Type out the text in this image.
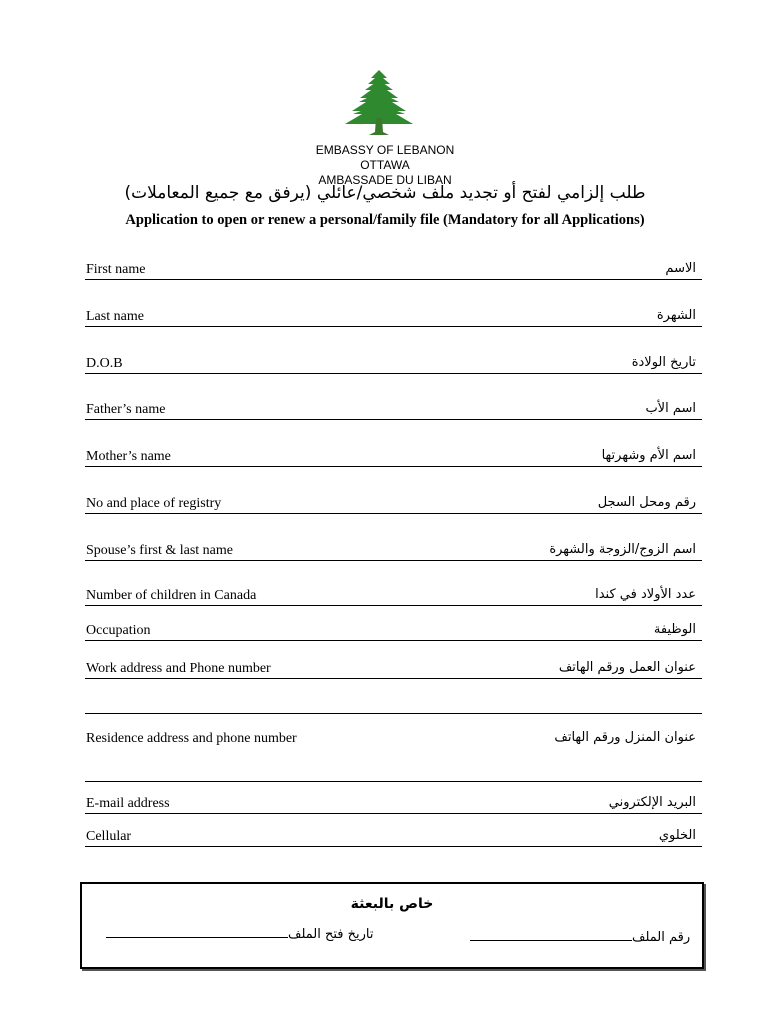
EMBASSY OF LEBANON
OTTAWA
AMBASSADE DU LIBAN
طلب إلزامي لفتح أو تجديد ملف شخصي/عائلي (يرفق مع جميع المعاملات)
Application to open or renew a personal/family file (Mandatory for all Applications)
First name	الاسم
Last name	الشهرة
D.O.B	تاريخ الولادة
Father’s name	اسم الأب
Mother’s name	اسم الأم وشهرتها
No and place of registry	رقم ومحل السجل
Spouse’s first & last name	اسم الزوج/الزوجة والشهرة
Number of children in Canada	عدد الأولاد في كندا
Occupation	الوظيفة
Work address and Phone number	عنوان العمل ورقم الهاتف
Residence address and phone number	عنوان المنزل ورقم الهاتف
E-mail address	البريد الإلكتروني
Cellular	الخلوي
خاص بالبعثة
تاريخ فتح الملف	رقم الملف
